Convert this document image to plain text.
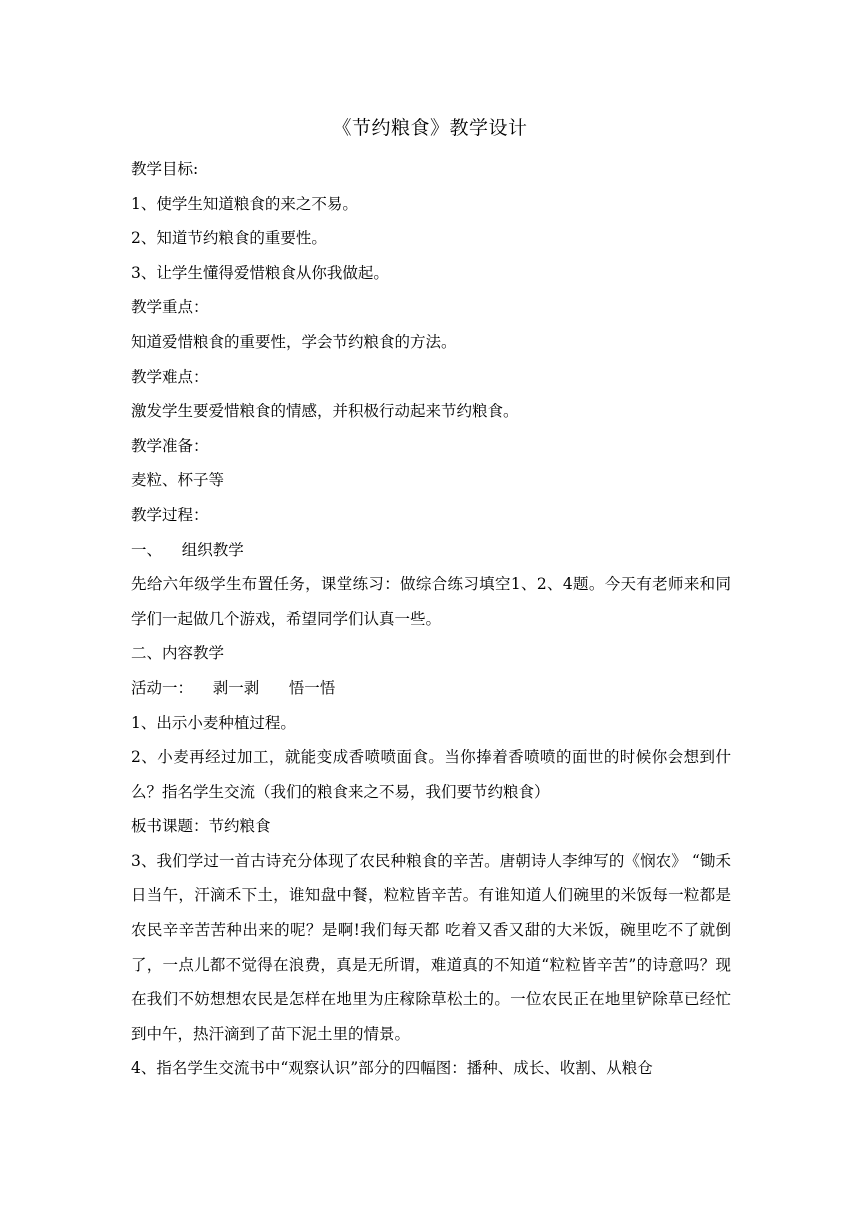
《节约粮食》教学设计

教学目标:

1、使学生知道粮食的来之不易。

2、知道节约粮食的重要性。

3、让学生懂得爱惜粮食从你我做起。

教学重点：

知道爱惜粮食的重要性，学会节约粮食的方法。

教学难点：

激发学生要爱惜粮食的情感，并积极行动起来节约粮食。

教学准备：

麦粒、杯子等

教学过程：

一、    组织教学

先给六年级学生布置任务，课堂练习：做综合练习填空1、2、4题。今天有老师来和同学们一起做几个游戏，希望同学们认真一些。

二、内容教学

活动一：    剥一剥      悟一悟

1、出示小麦种植过程。

2、小麦再经过加工，就能变成香喷喷面食。当你捧着香喷喷的面世的时候你会想到什么？指名学生交流（我们的粮食来之不易，我们要节约粮食）

板书课题：节约粮食

3、我们学过一首古诗充分体现了农民种粮食的辛苦。唐朝诗人李绅写的《悯农》 “锄禾日当午，汗滴禾下土，谁知盘中餐，粒粒皆辛苦。有谁知道人们碗里的米饭每一粒都是农民辛辛苦苦种出来的呢？是啊!我们每天都 吃着又香又甜的大米饭，碗里吃不了就倒了，一点儿都不觉得在浪费，真是无所谓，难道真的不知道“粒粒皆辛苦”的诗意吗？现在我们不妨想想农民是怎样在地里为庄稼除草松土的。一位农民正在地里铲除草已经忙到中午，热汗滴到了苗下泥土里的情景。

4、指名学生交流书中“观察认识”部分的四幅图：播种、成长、收割、从粮仓
